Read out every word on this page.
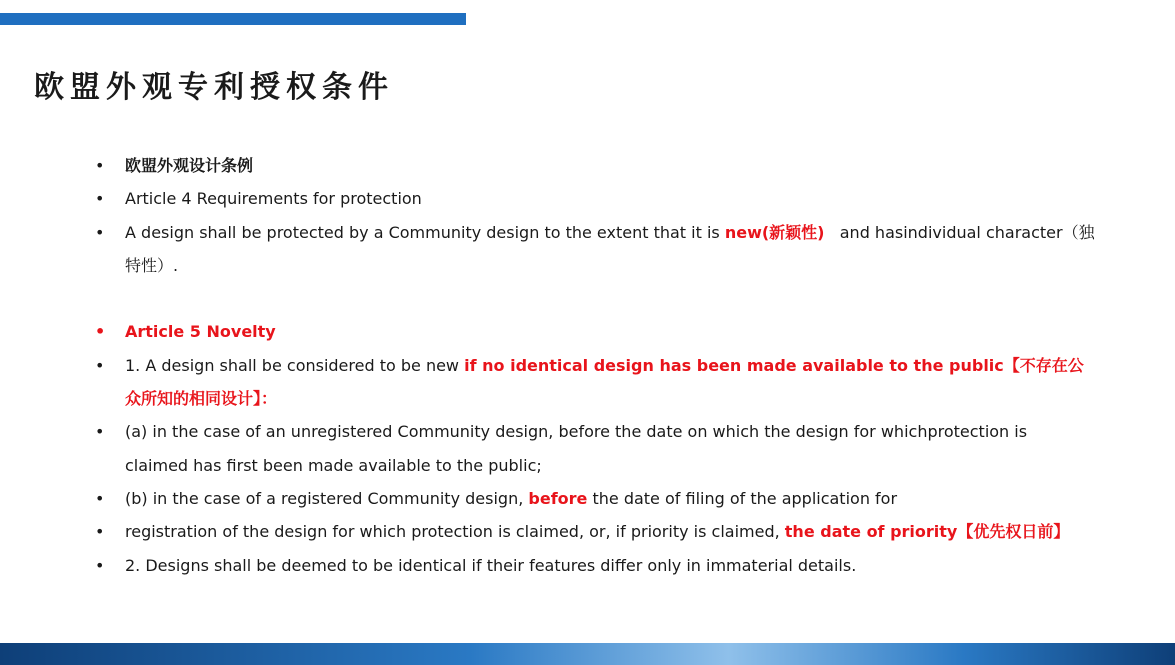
欧盟外观专利授权条件
• 欧盟外观设计条例
• Article 4 Requirements for protection
• A design shall be protected by a Community design to the extent that it is new(新颖性)   and hasindividual character（独特性）.
• Article 5 Novelty
• 1. A design shall be considered to be new if no identical design has been made available to the public【不存在公众所知的相同设计】：
• (a) in the case of an unregistered Community design, before the date on which the design for whichprotection is claimed has first been made available to the public;
• (b) in the case of a registered Community design, before the date of filing of the application for
• registration of the design for which protection is claimed, or, if priority is claimed, the date of priority【优先权日前】
• 2. Designs shall be deemed to be identical if their features differ only in immaterial details.
